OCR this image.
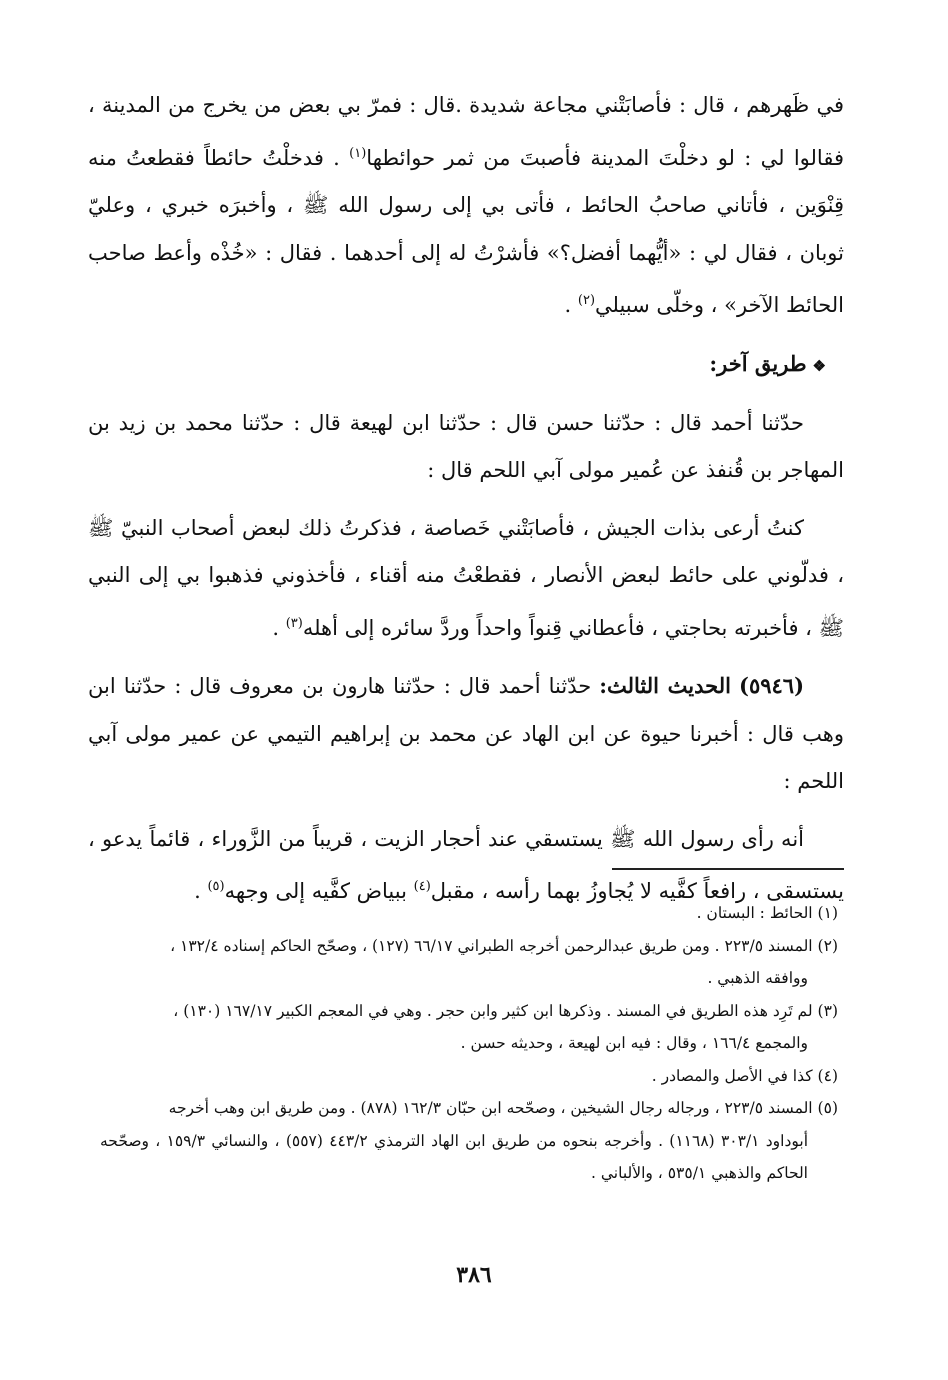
في ظَهرهم ، قال : فأصابَتْني مجاعة شديدة .قال : فمرّ بي بعض من يخرج من المدينة ، فقالوا لي : لو دخلْتَ المدينة فأصبتَ من ثمر حوائطها$^{(١)}$ . فدخلْتُ حائطاً فقطعتُ منه قِنْوَين ، فأتاني صاحبُ الحائط ، فأتى بي إلى رسول الله ﷺ ، وأخبرَه خبري ، وعليّ ثوبان ، فقال لي : «أيُّهما أفضل؟» فأشرْتُ له إلى أحدهما . فقال : «خُذْه وأعط صاحب الحائط الآخر» ، وخلّى سبيلي$^{(٢)}$ .

❖طريق آخر:

حدّثنا أحمد قال : حدّثنا حسن قال : حدّثنا ابن لهيعة قال : حدّثنا محمد بن زيد بن المهاجر بن قُنفذ عن عُمير مولى آبي اللحم قال :

كنتُ أرعى بذات الجيش ، فأصابَتْني خَصاصة ، فذكرتُ ذلك لبعض أصحاب النبيّ ﷺ ، فدلّوني على حائط لبعض الأنصار ، فقطعْتُ منه أقناء ، فأخذوني فذهبوا بي إلى النبي ﷺ ، فأخبرته بحاجتي ، فأعطاني قِنواً واحداً وردَّ سائره إلى أهله$^{(٣)}$ .

(٥٩٤٦) الحديث الثالث: حدّثنا أحمد قال : حدّثنا هارون بن معروف قال : حدّثنا ابن وهب قال : أخبرنا حيوة عن ابن الهاد عن محمد بن إبراهيم التيمي عن عمير مولى آبي اللحم :

أنه رأى رسول الله ﷺ يستسقي عند أحجار الزيت ، قريباً من الزَّوراء ، قائماً يدعو ، يستسقى ، رافعاً كفَّيه لا يُجاوزُ بهما رأسه ، مقبل$^{(٤)}$ ببياض كفَّيه إلى وجهه$^{(٥)}$ .

(١) الحائط : البستان .

(٢) المسند ٢٢٣/٥ . ومن طريق عبدالرحمن أخرجه الطبراني ٦٦/١٧ (١٢٧) ، وصحّح الحاكم إسناده ١٣٢/٤ ،
ووافقه الذهبي .

(٣) لم تَرِد هذه الطريق في المسند . وذكرها ابن كثير وابن حجر . وهي في المعجم الكبير ١٦٧/١٧ (١٣٠) ،
والمجمع ١٦٦/٤ ، وقال : فيه ابن لهيعة ، وحديثه حسن .

(٤) كذا في الأصل والمصادر .

(٥) المسند ٢٢٣/٥ ، ورجاله رجال الشيخين ، وصحّحه ابن حبّان ١٦٢/٣ (٨٧٨) . ومن طريق ابن وهب أخرجه
أبوداود ٣٠٣/١ (١١٦٨) . وأخرجه بنحوه من طريق ابن الهاد الترمذي ٤٤٣/٢ (٥٥٧) ، والنسائي ١٥٩/٣ ، وصحّحه الحاكم والذهبي ٥٣٥/١ ، والألباني .

٣٨٦
